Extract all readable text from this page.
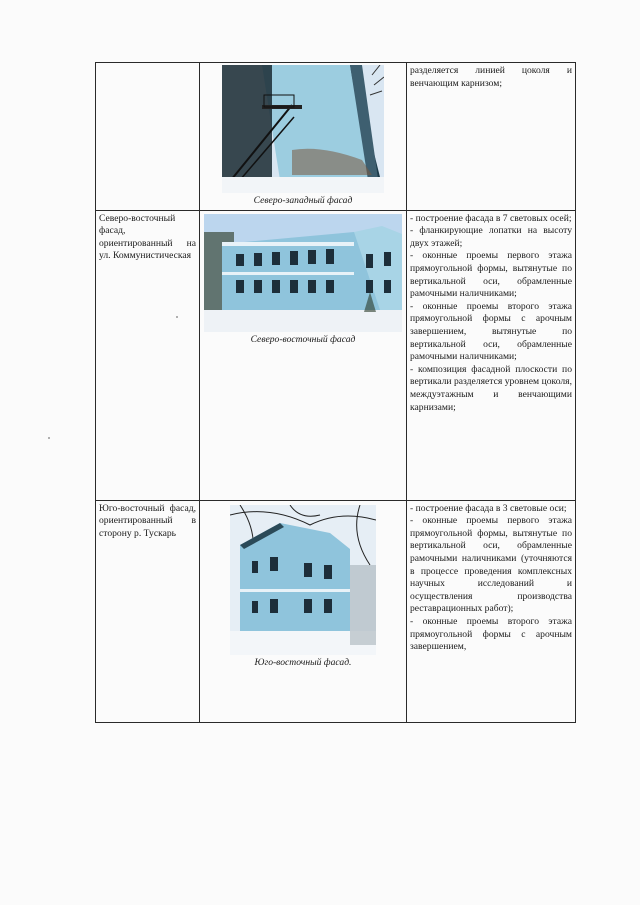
	Северо-западный фасад	разделяется линией цоколя и венчающим карнизом;

Северо-восточный фасад, ориентированный на ул. Коммунистическая	Северо-восточный фасад	- построение фасада в 7 световых осей;

- фланкирующие лопатки на высоту двух этажей;

- оконные проемы первого этажа прямоугольной формы, вытянутые по вертикальной оси, обрамленные рамочными наличниками;

- оконные проемы второго этажа прямоугольной формы с арочным завершением, вытянутые по вертикальной оси, обрамленные рамочными наличниками;

- композиция фасадной плоскости по вертикали разделяется уровнем цоколя, междуэтажным и венчающими карнизами;

Юго-восточный фасад, ориентированный в сторону р. Тускарь	Юго-восточный фасад.	- построение фасада в 3 световые оси;

- оконные проемы первого этажа прямоугольной формы, вытянутые по вертикальной оси, обрамленные рамочными наличниками (уточняются в процессе проведения комплексных научных исследований и осуществления производства реставрационных работ);

- оконные проемы второго этажа прямоугольной формы с арочным завершением,
